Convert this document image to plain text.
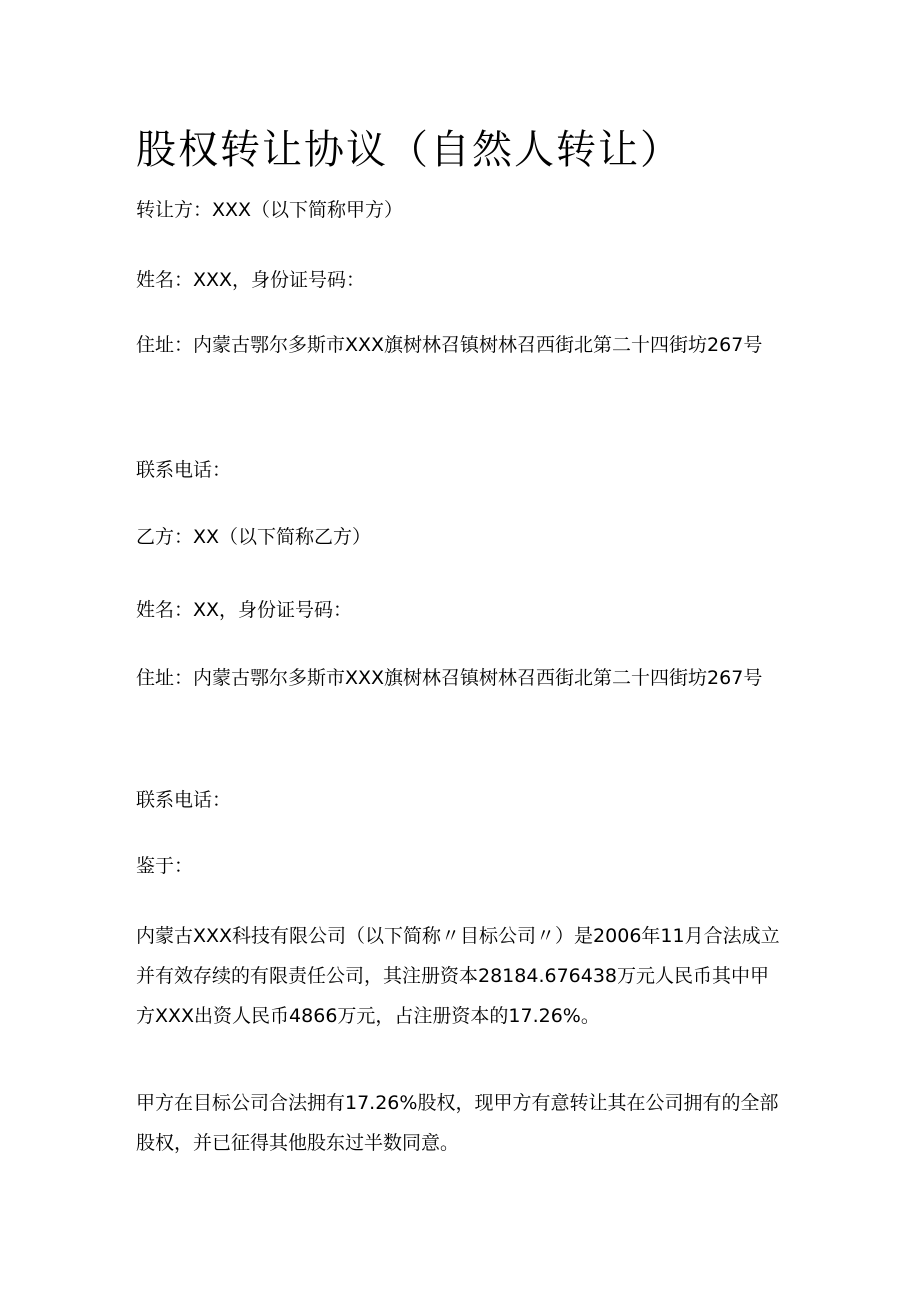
股权转让协议（自然人转让）

转让方：XXX（以下简称甲方）

姓名：XXX，身份证号码：

住址：内蒙古鄂尔多斯市XXX旗树林召镇树林召西街北第二十四街坊267号

联系电话：

乙方：XX（以下简称乙方）

姓名：XX，身份证号码：

住址：内蒙古鄂尔多斯市XXX旗树林召镇树林召西街北第二十四街坊267号

联系电话：

鉴于：

内蒙古XXX科技有限公司（以下简称〃目标公司〃）是2006年11月合法成立并有效存续的有限责任公司，其注册资本28184.676438万元人民币其中甲方XXX出资人民币4866万元，占注册资本的17.26%。

甲方在目标公司合法拥有17.26%股权，现甲方有意转让其在公司拥有的全部股权，并已征得其他股东过半数同意。
